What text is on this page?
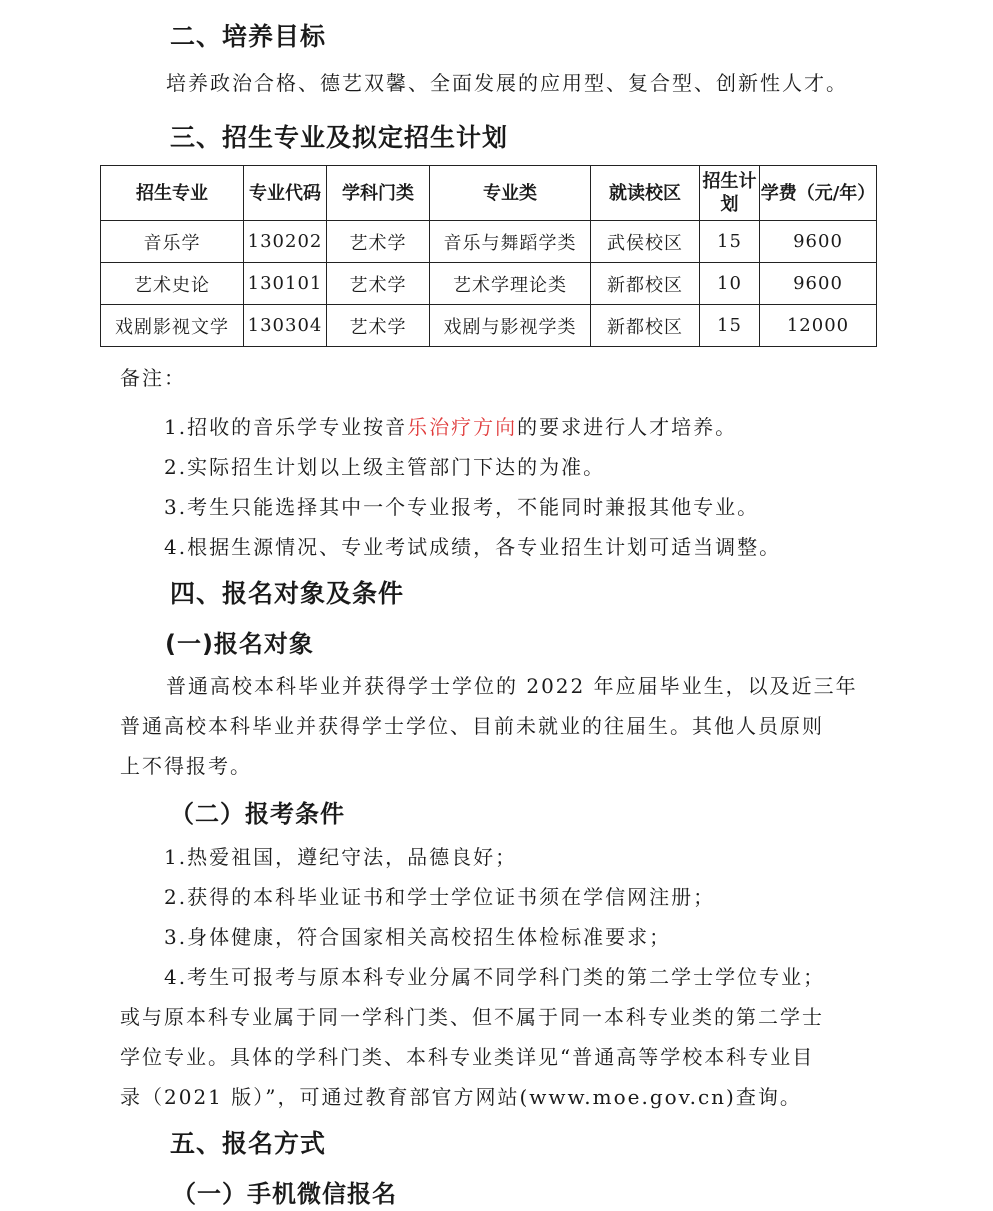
二、培养目标
培养政治合格、德艺双馨、全面发展的应用型、复合型、创新性人才。
三、招生专业及拟定招生计划
招生专业	专业代码	学科门类	专业类	就读校区	招生计划	学费（元/年）
音乐学	130202	艺术学	音乐与舞蹈学类	武侯校区	15	9600
艺术史论	130101	艺术学	艺术学理论类	新都校区	10	9600
戏剧影视文学	130304	艺术学	戏剧与影视学类	新都校区	15	12000
备注：
1.招收的音乐学专业按音乐治疗方向的要求进行人才培养。
2.实际招生计划以上级主管部门下达的为准。
3.考生只能选择其中一个专业报考，不能同时兼报其他专业。
4.根据生源情况、专业考试成绩，各专业招生计划可适当调整。
四、报名对象及条件
(一)报名对象
普通高校本科毕业并获得学士学位的 2022 年应届毕业生，以及近三年
普通高校本科毕业并获得学士学位、目前未就业的往届生。其他人员原则
上不得报考。
（二）报考条件
1.热爱祖国，遵纪守法，品德良好；
2.获得的本科毕业证书和学士学位证书须在学信网注册；
3.身体健康，符合国家相关高校招生体检标准要求；
4.考生可报考与原本科专业分属不同学科门类的第二学士学位专业；
或与原本科专业属于同一学科门类、但不属于同一本科专业类的第二学士
学位专业。具体的学科门类、本科专业类详见“普通高等学校本科专业目
录（2021 版）”，可通过教育部官方网站(www.moe.gov.cn)查询。
五、报名方式
（一）手机微信报名
